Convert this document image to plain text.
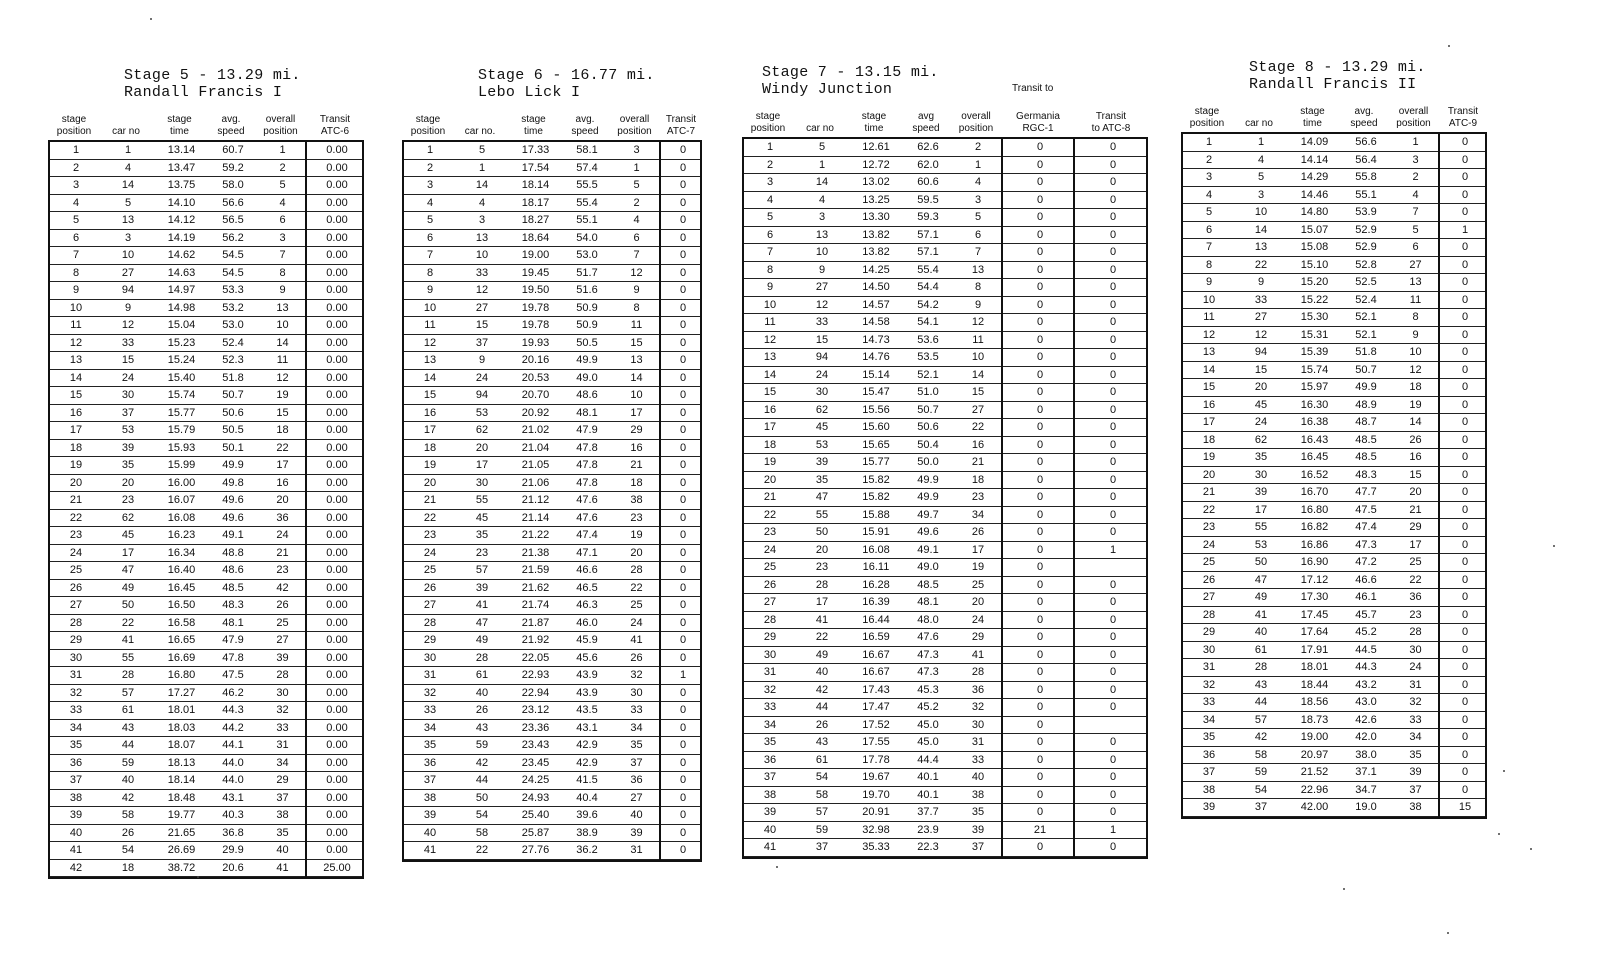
Stage 5 - 13.29 mi.
Randall Francis I
stage
position car no
stage
time
avg.
speed
overall
position
Transit
ATC-6
1	1	13.14	60.7	1	0.00
2	4	13.47	59.2	2	0.00
3	14	13.75	58.0	5	0.00
4	5	14.10	56.6	4	0.00
5	13	14.12	56.5	6	0.00
6	3	14.19	56.2	3	0.00
7	10	14.62	54.5	7	0.00
8	27	14.63	54.5	8	0.00
9	94	14.97	53.3	9	0.00
10	9	14.98	53.2	13	0.00
11	12	15.04	53.0	10	0.00
12	33	15.23	52.4	14	0.00
13	15	15.24	52.3	11	0.00
14	24	15.40	51.8	12	0.00
15	30	15.74	50.7	19	0.00
16	37	15.77	50.6	15	0.00
17	53	15.79	50.5	18	0.00
18	39	15.93	50.1	22	0.00
19	35	15.99	49.9	17	0.00
20	20	16.00	49.8	16	0.00
21	23	16.07	49.6	20	0.00
22	62	16.08	49.6	36	0.00
23	45	16.23	49.1	24	0.00
24	17	16.34	48.8	21	0.00
25	47	16.40	48.6	23	0.00
26	49	16.45	48.5	42	0.00
27	50	16.50	48.3	26	0.00
28	22	16.58	48.1	25	0.00
29	41	16.65	47.9	27	0.00
30	55	16.69	47.8	39	0.00
31	28	16.80	47.5	28	0.00
32	57	17.27	46.2	30	0.00
33	61	18.01	44.3	32	0.00
34	43	18.03	44.2	33	0.00
35	44	18.07	44.1	31	0.00
36	59	18.13	44.0	34	0.00
37	40	18.14	44.0	29	0.00
38	42	18.48	43.1	37	0.00
39	58	19.77	40.3	38	0.00
40	26	21.65	36.8	35	0.00
41	54	26.69	29.9	40	0.00
42	18	38.72	20.6	41	25.00
Stage 6 - 16.77 mi.
Lebo Lick I
stage
position car no.
stage
time
avg.
speed
overall
position
Transit
ATC-7
1	5	17.33	58.1	3	0
2	1	17.54	57.4	1	0
3	14	18.14	55.5	5	0
4	4	18.17	55.4	2	0
5	3	18.27	55.1	4	0
6	13	18.64	54.0	6	0
7	10	19.00	53.0	7	0
8	33	19.45	51.7	12	0
9	12	19.50	51.6	9	0
10	27	19.78	50.9	8	0
11	15	19.78	50.9	11	0
12	37	19.93	50.5	15	0
13	9	20.16	49.9	13	0
14	24	20.53	49.0	14	0
15	94	20.70	48.6	10	0
16	53	20.92	48.1	17	0
17	62	21.02	47.9	29	0
18	20	21.04	47.8	16	0
19	17	21.05	47.8	21	0
20	30	21.06	47.8	18	0
21	55	21.12	47.6	38	0
22	45	21.14	47.6	23	0
23	35	21.22	47.4	19	0
24	23	21.38	47.1	20	0
25	57	21.59	46.6	28	0
26	39	21.62	46.5	22	0
27	41	21.74	46.3	25	0
28	47	21.87	46.0	24	0
29	49	21.92	45.9	41	0
30	28	22.05	45.6	26	0
31	61	22.93	43.9	32	1
32	40	22.94	43.9	30	0
33	26	23.12	43.5	33	0
34	43	23.36	43.1	34	0
35	59	23.43	42.9	35	0
36	42	23.45	42.9	37	0
37	44	24.25	41.5	36	0
38	50	24.93	40.4	27	0
39	54	25.40	39.6	40	0
40	58	25.87	38.9	39	0
41	22	27.76	36.2	31	0
Stage 7 - 13.15 mi.
Windy Junction	Transit to
stage
position car no
stage
time
avg
speed
overall
position
Germania
RGC-1
Transit
to ATC-8
1	5	12.61	62.6	2	0	0
2	1	12.72	62.0	1	0	0
3	14	13.02	60.6	4	0	0
4	4	13.25	59.5	3	0	0
5	3	13.30	59.3	5	0	0
6	13	13.82	57.1	6	0	0
7	10	13.82	57.1	7	0	0
8	9	14.25	55.4	13	0	0
9	27	14.50	54.4	8	0	0
10	12	14.57	54.2	9	0	0
11	33	14.58	54.1	12	0	0
12	15	14.73	53.6	11	0	0
13	94	14.76	53.5	10	0	0
14	24	15.14	52.1	14	0	0
15	30	15.47	51.0	15	0	0
16	62	15.56	50.7	27	0	0
17	45	15.60	50.6	22	0	0
18	53	15.65	50.4	16	0	0
19	39	15.77	50.0	21	0	0
20	35	15.82	49.9	18	0	0
21	47	15.82	49.9	23	0	0
22	55	15.88	49.7	34	0	0
23	50	15.91	49.6	26	0	0
24	20	16.08	49.1	17	0	1
25	23	16.11	49.0	19	0
26	28	16.28	48.5	25	0	0
27	17	16.39	48.1	20	0	0
28	41	16.44	48.0	24	0	0
29	22	16.59	47.6	29	0	0
30	49	16.67	47.3	41	0	0
31	40	16.67	47.3	28	0	0
32	42	17.43	45.3	36	0	0
33	44	17.47	45.2	32	0	0
34	26	17.52	45.0	30	0
35	43	17.55	45.0	31	0	0
36	61	17.78	44.4	33	0	0
37	54	19.67	40.1	40	0	0
38	58	19.70	40.1	38	0	0
39	57	20.91	37.7	35	0	0
40	59	32.98	23.9	39	21	1
41	37	35.33	22.3	37	0	0
Stage 8 - 13.29 mi.
Randall Francis II
stage
position car no
stage
time
avg.
speed
overall
position
Transit
ATC-9
1	1	14.09	56.6	1	0
2	4	14.14	56.4	3	0
3	5	14.29	55.8	2	0
4	3	14.46	55.1	4	0
5	10	14.80	53.9	7	0
6	14	15.07	52.9	5	1
7	13	15.08	52.9	6	0
8	22	15.10	52.8	27	0
9	9	15.20	52.5	13	0
10	33	15.22	52.4	11	0
11	27	15.30	52.1	8	0
12	12	15.31	52.1	9	0
13	94	15.39	51.8	10	0
14	15	15.74	50.7	12	0
15	20	15.97	49.9	18	0
16	45	16.30	48.9	19	0
17	24	16.38	48.7	14	0
18	62	16.43	48.5	26	0
19	35	16.45	48.5	16	0
20	30	16.52	48.3	15	0
21	39	16.70	47.7	20	0
22	17	16.80	47.5	21	0
23	55	16.82	47.4	29	0
24	53	16.86	47.3	17	0
25	50	16.90	47.2	25	0
26	47	17.12	46.6	22	0
27	49	17.30	46.1	36	0
28	41	17.45	45.7	23	0
29	40	17.64	45.2	28	0
30	61	17.91	44.5	30	0
31	28	18.01	44.3	24	0
32	43	18.44	43.2	31	0
33	44	18.56	43.0	32	0
34	57	18.73	42.6	33	0
35	42	19.00	42.0	34	0
36	58	20.97	38.0	35	0
37	59	21.52	37.1	39	0
38	54	22.96	34.7	37	0
39	37	42.00	19.0	38	15
